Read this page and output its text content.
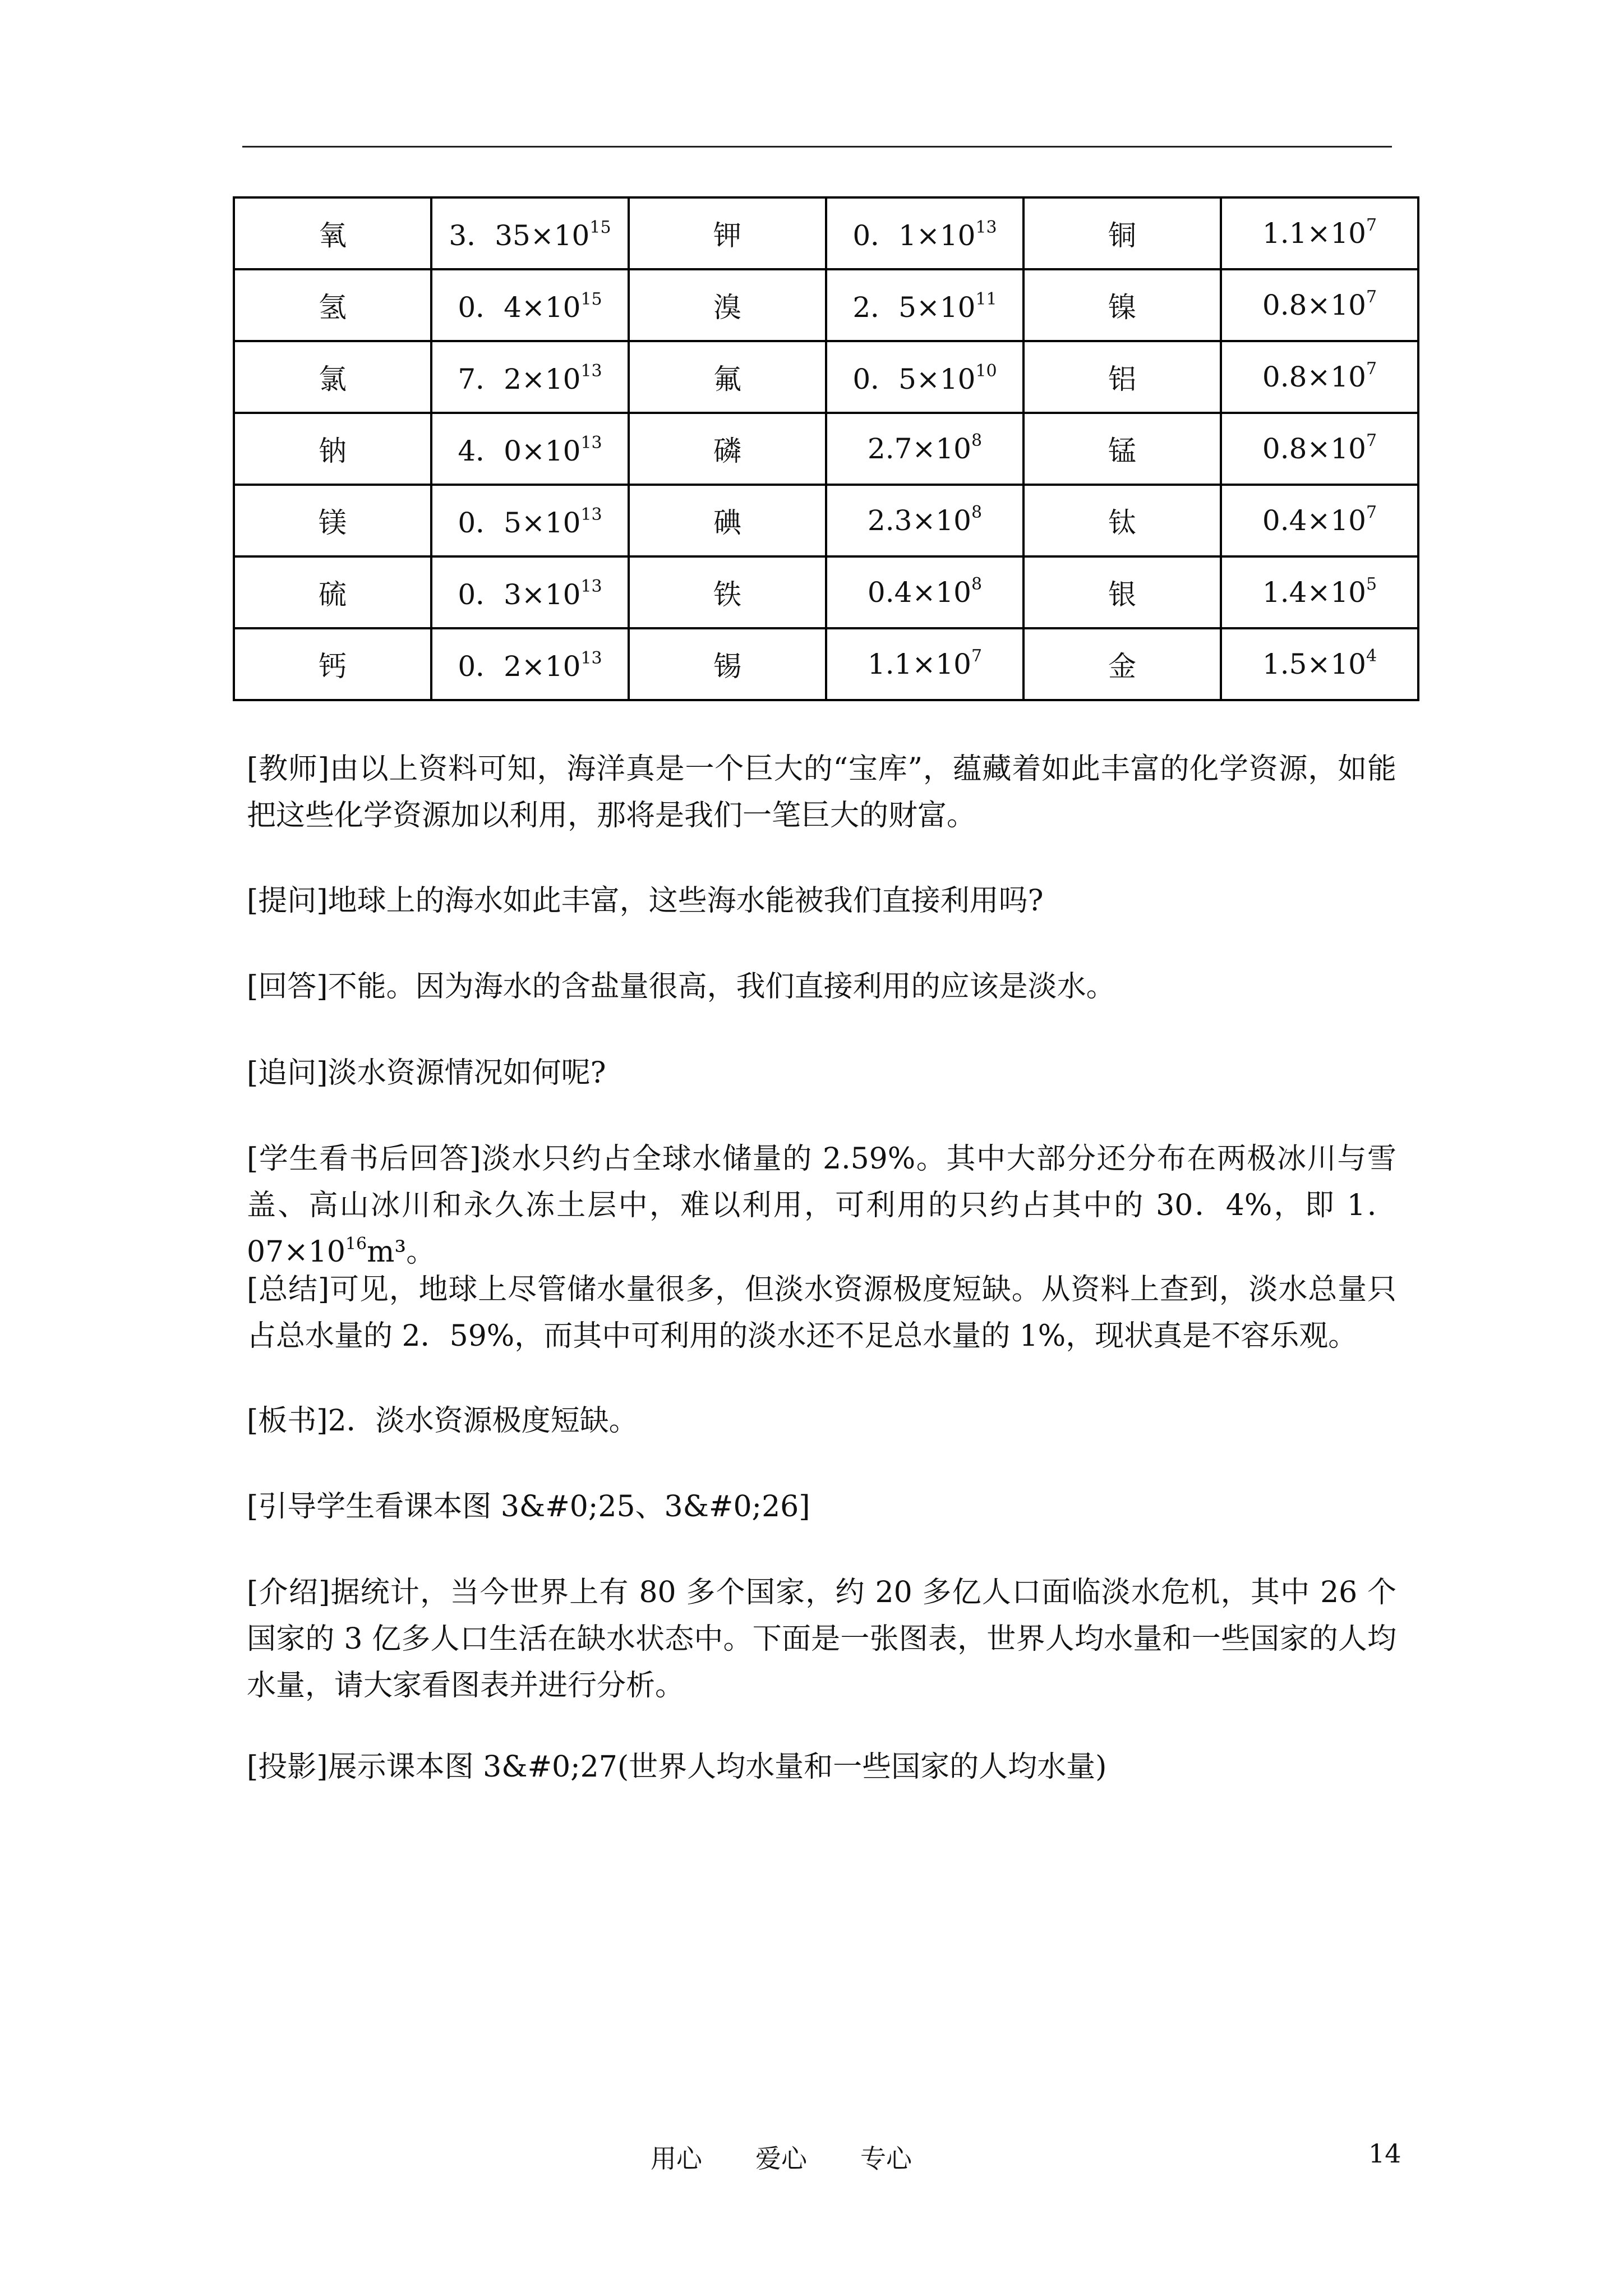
氧	3．$35\times 10^{15}$	钾	0．$1\times 10^{13}$	铜	$1.1\times 10^7$
氢	0．$4\times 10^{15}$	溴	2．$5\times 10^{11}$	镍	$0.8\times 10^7$
氯	7．$2\times 10^{13}$	氟	0．$5\times 10^{10}$	铝	$0.8\times 10^7$
钠	4．$0\times 10^{13}$	磷	$2.7\times 10^8$	锰	$0.8\times 10^7$
镁	0．$5\times 10^{13}$	碘	$2.3\times 10^8$	钛	$0.4\times 10^7$
硫	0．$3\times 10^{13}$	铁	$0.4\times 10^8$	银	$1.4\times 10^5$
钙	0．$2\times 10^{13}$	锡	$1.1\times 10^7$	金	$1.5\times 10^4$

[教师]由以上资料可知，海洋真是一个巨大的“宝库”，蕴藏着如此丰富的化学资源，如能把这些化学资源加以利用，那将是我们一笔巨大的财富。

[提问]地球上的海水如此丰富，这些海水能被我们直接利用吗?

[回答]不能。因为海水的含盐量很高，我们直接利用的应该是淡水。

[追问]淡水资源情况如何呢?

[学生看书后回答]淡水只约占全球水储量的 2.59%。其中大部分还分布在两极冰川与雪盖、高山冰川和永久冻土层中，难以利用，可利用的只约占其中的 30．4%，即 1．$07\times 10^{16}m^3$。

[总结]可见，地球上尽管储水量很多，但淡水资源极度短缺。从资料上查到，淡水总量只占总水量的 2．59%，而其中可利用的淡水还不足总水量的 1%，现状真是不容乐观。

[板书]2．淡水资源极度短缺。

[引导学生看课本图 3&#0;25、3&#0;26]

[介绍]据统计，当今世界上有 80 多个国家，约 20 多亿人口面临淡水危机，其中 26 个国家的 3 亿多人口生活在缺水状态中。下面是一张图表，世界人均水量和一些国家的人均水量，请大家看图表并进行分析。

[投影]展示课本图 3&#0;27(世界人均水量和一些国家的人均水量)

用心 爱心 专心	14
